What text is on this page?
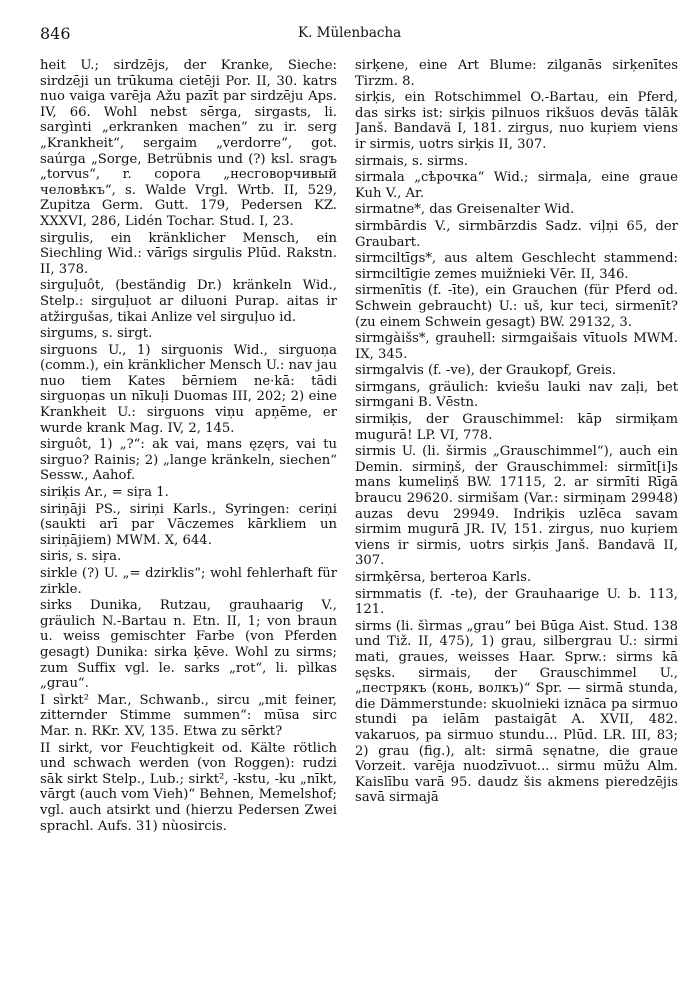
846	K. Mülenbacha

heit U.; sirdzējs, der Kranke, Sieche: sirdzēji un trūkuma cietēji Por. II, 30. katrs nuo vaiga varēja Ažu pazīt par sirdzēju Aps. IV, 66. Wohl nebst sērga, sirgasts, li. sargìnti „erkranken machen“ zu ir. serg „Krankheit“, sergaim „verdorre“, got. saúrga „Sorge, Betrübnis und (?) ksl. sragъ „torvus“, r. сорога „несговорчивый человѣкъ“, s. Walde Vrgl. Wrtb. II, 529, Zupitza Germ. Gutt. 179, Pedersen KZ. XXXVI, 286, Lidén Tochar. Stud. I, 23.

sirgulis, ein kränklicher Mensch, ein Siechling Wid.: vārīgs sirgulis Plūd. Rakstn. II, 378.

sirguļuôt, (beständig Dr.) kränkeln Wid., Stelp.: sirguļuot ar diluoni Purap. aitas ir atžirgušas, tikai Anlize vel sirguļuo id.

sirgums, s. sirgt.

sirguons U., 1) sirguonis Wid., sirguoņa (comm.), ein kränklicher Mensch U.: nav jau nuo tiem Kates bērniem ne·kā: tādi sirguoņas un nīkuļi Duomas III, 202; 2) eine Krankheit U.: sirguons viņu apņēme, er wurde krank Mag. IV, 2, 145.

sirguôt, 1) „?“: ak vai, mans ęzęrs, vai tu sirguo? Rainis; 2) „lange kränkeln, siechen“ Sessw., Aahof.

siriķis Ar., = siŗa 1.

siriņāji PS., siriņi Karls., Syringen: ceriņi (saukti arī par Vāczemes kārkliem un siriņājiem) MWM. X, 644.

siris, s. siŗa.

sirkle (?) U. „= dzirklis“; wohl fehlerhaft für zirkle.

sirks Dunika, Rutzau, grauhaarig V., gräulich N.-Bartau n. Etn. II, 1; von braun u. weiss gemischter Farbe (von Pferden gesagt) Dunika: sirka ķēve. Wohl zu sirms; zum Suffix vgl. le. sarks „rot“, li. pìlkas „grau“.

I sìrkt² Mar., Schwanb., sircu „mit feiner, zitternder Stimme summen“: mūsa sirc Mar. n. RKr. XV, 135. Etwa zu sērkt?

II sirkt, vor Feuchtigkeit od. Kälte rötlich und schwach werden (von Roggen): rudzi sāk sirkt Stelp., Lub.; sirkt², -kstu, -ku „nīkt, vārgt (auch vom Vieh)“ Behnen, Memelshof; vgl. auch atsirkt und (hierzu Pedersen Zwei sprachl. Aufs. 31) nùosircis.

sirķene, eine Art Blume: zilganās sirķenītes Tirzm. 8.

sirķis, ein Rotschimmel O.-Bartau, ein Pferd, das sirks ist: sirķis pilnuos rikšuos devās tālāk Janš. Bandavä I, 181. zirgus, nuo kuŗiem viens ir sirmis, uotrs sirķis II, 307.

sirmais, s. sirms.

sirmala „сѣрочка“ Wid.; sirmaļa, eine graue Kuh V., Ar.

sirmatne*, das Greisenalter Wid.

sirmbārdis V., sirmbārzdis Sadz. viļņi 65, der Graubart.

sirmciltīgs*, aus altem Geschlecht stammend: sirmciltīgie zemes muižnieki Vēr. II, 346.

sirmenītis (f. -īte), ein Grauchen (für Pferd od. Schwein gebraucht) U.: uš, kur teci, sirmenīt? (zu einem Schwein gesagt) BW. 29132, 3.

sirmgàišs*, grauhell: sirmgaišais vītuols MWM. IX, 345.

sirmgalvis (f. -ve), der Graukopf, Greis.

sirmgans, gräulich: kviešu lauki nav zaļi, bet sirmgani B. Vēstn.

sirmiķis, der Grauschimmel: kāp sirmiķam mugurā! LP. VI, 778.

sirmis U. (li. širmis „Grauschimmel“), auch ein Demin. sirmiņš, der Grauschimmel: sirmīt[i]s mans kumeliņš BW. 17115, 2. ar sirmīti Rīgā braucu 29620. sirmišam (Var.: sirmiņam 29948) auzas devu 29949. Indriķis uzlēca savam sirmim mugurā JR. IV, 151. zirgus, nuo kuŗiem viens ir sirmis, uotrs sirķis Janš. Bandavä II, 307.

sirmķērsa, berteroa Karls.

sirmmatis (f. -te), der Grauhaarige U. b. 113, 121.

sirms (li. šìrmas „grau“ bei Būga Aist. Stud. 138 und Tiž. II, 475), 1) grau, silbergrau U.: sirmi mati, graues, weisses Haar. Sprw.: sirms kā sęsks. sirmais, der Grauschimmel U., „пестрякъ (конь, волкъ)“ Spr. — sirmā stunda, die Dämmerstunde: skuolnieki iznāca pa sirmuo stundi pa ielām pastaigāt A. XVII, 482. vakaruos, pa sirmuo stundu... Plūd. LR. III, 83; 2) grau (fig.), alt: sirmā sęnatne, die graue Vorzeit. varēja nuodzīvuot... sirmu mūžu Alm. Kaislību varā 95. daudz šis akmens pieredzējis savā sirmajā
